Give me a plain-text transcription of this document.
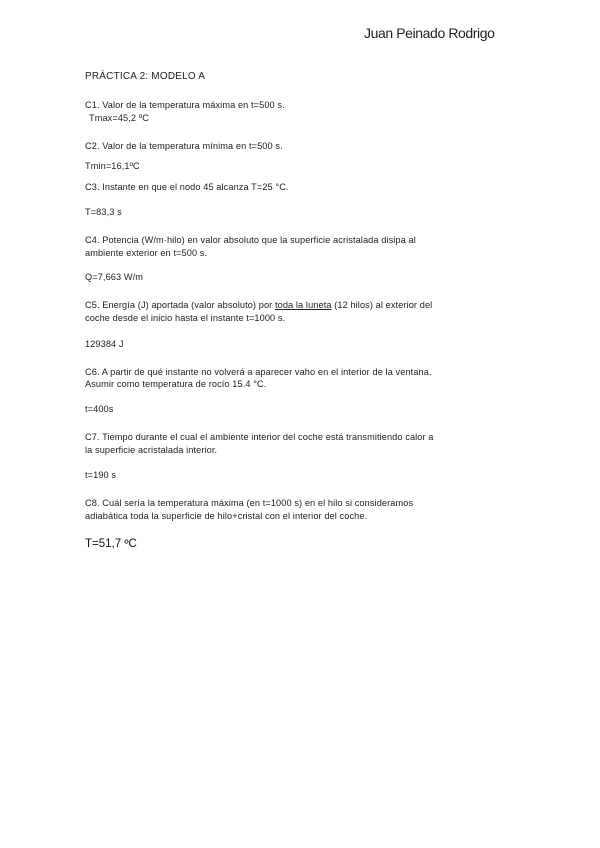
Juan Peinado Rodrigo
PRÁCTICA 2: MODELO A
C1. Valor de la temperatura máxima en t=500 s.
Tmax=45,2 ºC
C2. Valor de la temperatura mínima en t=500 s.
Tmin=16,1ºC
C3. Instante en que el nodo 45 alcanza T=25 °C.
T=83,3 s
C4. Potencia (W/m·hilo) en valor absoluto que la superficie acristalada disipa al
ambiente exterior en t=500 s.
Q=7,663 W/m
C5. Energía (J) aportada (valor absoluto) por toda la luneta (12 hilos) al exterior del
coche desde el inicio hasta el instante t=1000 s.
129384 J
C6. A partir de qué instante no volverá a aparecer vaho en el interior de la ventana.
Asumir como temperatura de rocío 15.4 °C.
t=400s
C7. Tiempo durante el cual el ambiente interior del coche está transmitiendo calor a
la superficie acristalada interior.
t=190 s
C8. Cuál sería la temperatura máxima (en t=1000 s) en el hilo si consideramos
adiabática toda la superficie de hilo+cristal con el interior del coche.
T=51,7 ºC
